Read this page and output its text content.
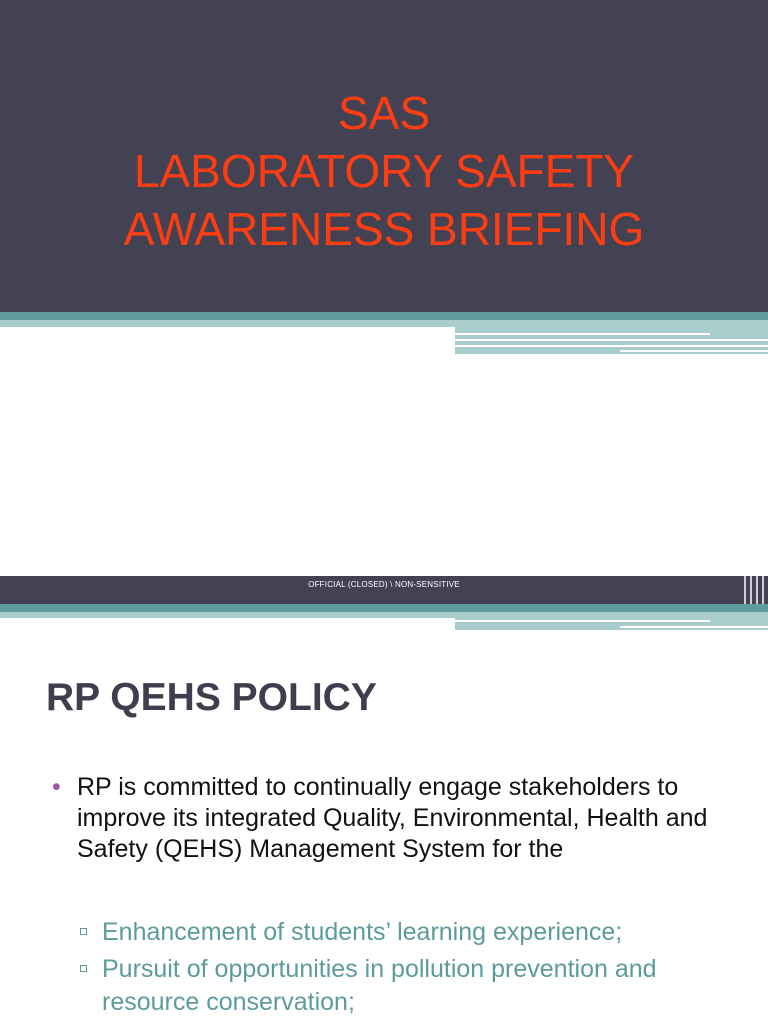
SAS
LABORATORY SAFETY
AWARENESS BRIEFING
OFFICIAL (CLOSED) \ NON-SENSITIVE
RP QEHS POLICY
• RP is committed to continually engage stakeholders to improve its integrated Quality, Environmental, Health and Safety (QEHS) Management System for the
Enhancement of students’ learning experience;
Pursuit of opportunities in pollution prevention and resource conservation;
